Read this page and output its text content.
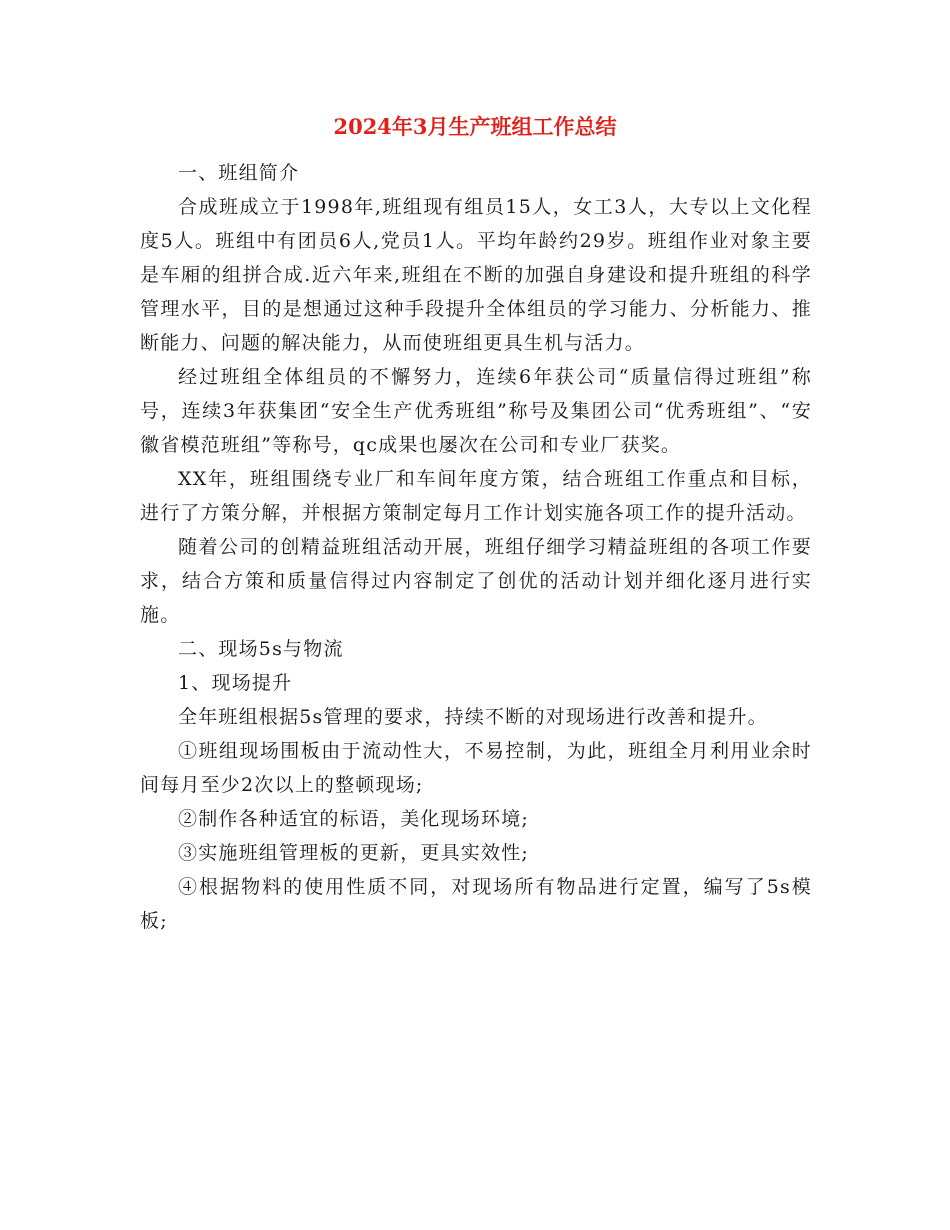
2024年3月生产班组工作总结

一、班组简介

合成班成立于1998年,班组现有组员15人，女工3人，大专以上文化程度5人。班组中有团员6人,党员1人。平均年龄约29岁。班组作业对象主要是车厢的组拼合成.近六年来,班组在不断的加强自身建设和提升班组的科学管理水平，目的是想通过这种手段提升全体组员的学习能力、分析能力、推断能力、问题的解决能力，从而使班组更具生机与活力。

经过班组全体组员的不懈努力，连续6年获公司“质量信得过班组”称号，连续3年获集团“安全生产优秀班组”称号及集团公司“优秀班组”、“安徽省模范班组”等称号，qc成果也屡次在公司和专业厂获奖。

XX年，班组围绕专业厂和车间年度方策，结合班组工作重点和目标，进行了方策分解，并根据方策制定每月工作计划实施各项工作的提升活动。

随着公司的创精益班组活动开展，班组仔细学习精益班组的各项工作要求，结合方策和质量信得过内容制定了创优的活动计划并细化逐月进行实施。

二、现场5s与物流

1、现场提升

全年班组根据5s管理的要求，持续不断的对现场进行改善和提升。

①班组现场围板由于流动性大，不易控制，为此，班组全月利用业余时间每月至少2次以上的整顿现场;

②制作各种适宜的标语，美化现场环境;

③实施班组管理板的更新，更具实效性;

④根据物料的使用性质不同，对现场所有物品进行定置，编写了5s模板;
